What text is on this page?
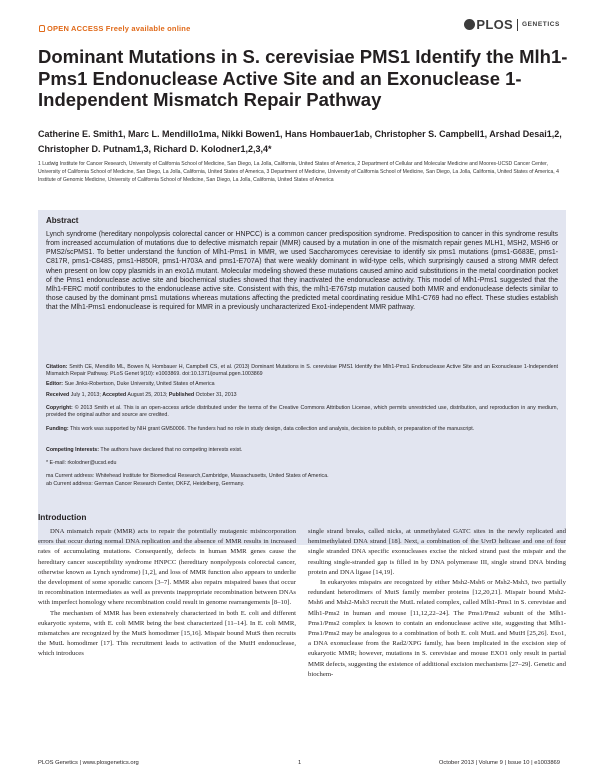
OPEN ACCESS Freely available online	PLOS GENETICS
Dominant Mutations in S. cerevisiae PMS1 Identify the Mlh1-Pms1 Endonuclease Active Site and an Exonuclease 1-Independent Mismatch Repair Pathway
Catherine E. Smith1, Marc L. Mendillo1ma, Nikki Bowen1, Hans Hombauer1ab, Christopher S. Campbell1, Arshad Desai1,2, Christopher D. Putnam1,3, Richard D. Kolodner1,2,3,4*
1 Ludwig Institute for Cancer Research, University of California School of Medicine, San Diego, La Jolla, California, United States of America, 2 Department of Cellular and Molecular Medicine and Moores-UCSD Cancer Center, University of California School of Medicine, San Diego, La Jolla, California, United States of America, 3 Department of Medicine, University of California School of Medicine, San Diego, La Jolla, California, United States of America, 4 Institute of Genomic Medicine, University of California School of Medicine, San Diego, La Jolla, California, United States of America
Abstract
Lynch syndrome (hereditary nonpolypsis colorectal cancer or HNPCC) is a common cancer predisposition syndrome. Predisposition to cancer in this syndrome results from increased accumulation of mutations due to defective mismatch repair (MMR) caused by a mutation in one of the mismatch repair genes MLH1, MSH2, MSH6 or PMS2/scPMS1. To better understand the function of Mlh1-Pms1 in MMR, we used Saccharomyces cerevisiae to identify six pms1 mutations (pms1-G683E, pms1-C817R, pms1-C848S, pms1-H850R, pms1-H703A and pms1-E707A) that were weakly dominant in wild-type cells, which surprisingly caused a strong MMR defect when present on low copy plasmids in an exo1Δ mutant. Molecular modeling showed these mutations caused amino acid substitutions in the metal coordination pocket of the Pms1 endonuclease active site and biochemical studies showed that they inactivated the endonuclease activity. This model of Mlh1-Pms1 suggested that the Mlh1-FERC motif contributes to the endonuclease active site. Consistent with this, the mlh1-E767stp mutation caused both MMR and endonuclease defects similar to those caused by the dominant pms1 mutations whereas mutations affecting the predicted metal coordinating residue Mlh1-C769 had no effect. These studies establish that the Mlh1-Pms1 endonuclease is required for MMR in a previously uncharacterized Exo1-independent MMR pathway.
Citation: Smith CE, Mendillo ML, Bowen N, Hombauer H, Campbell CS, et al. (2013) Dominant Mutations in S. cerevisiae PMS1 Identify the Mlh1-Pms1 Endonuclease Active Site and an Exonuclease 1-Independent Mismatch Repair Pathway. PLoS Genet 9(10): e1003869. doi:10.1371/journal.pgen.1003869
Editor: Sue Jinks-Robertson, Duke University, United States of America
Received July 1, 2013; Accepted August 25, 2013; Published October 31, 2013
Copyright: © 2013 Smith et al. This is an open-access article distributed under the terms of the Creative Commons Attribution License, which permits unrestricted use, distribution, and reproduction in any medium, provided the original author and source are credited.
Funding: This work was supported by NIH grant GM50006. The funders had no role in study design, data collection and analysis, decision to publish, or preparation of the manuscript.
Competing Interests: The authors have declared that no competing interests exist.
* E-mail: rkolodner@ucsd.edu
ma Current address: Whitehead Institute for Biomedical Research,Cambridge, Massachusetts, United States of America.
ab Current address: German Cancer Research Center, DKFZ, Heidelberg, Germany.
Introduction

DNA mismatch repair (MMR) acts to repair the potentially mutagenic misincorporation errors that occur during normal DNA replication and the absence of MMR results in increased rates of accumulating mutations. Consequently, defects in human MMR genes cause the hereditary cancer susceptibility syndrome HNPCC (hereditary nonpolyposis colorectal cancer, otherwise known as Lynch syndrome) [1,2], and loss of MMR function also appears to underlie the development of some sporadic cancers [3–7]. MMR also repairs mispaired bases that occur in recombination intermediates as well as prevents inappropriate recombination between DNAs with imperfect homology where recombination could result in genome rearrangements [8–10].

The mechanism of MMR has been extensively characterized in both E. coli and different eukaryotic systems, with E. coli MMR being the best characterized [11–14]. In E. coli MMR, mismatches are recognized by the MutS homodimer [15,16]. Mispair bound MutS then recruits the MutL homodimer [17]. This recruitment leads to activation of the MutH endonuclease, which introduces

single strand breaks, called nicks, at unmethylated GATC sites in the newly replicated and hemimethylated DNA strand [18]. Next, a combination of the UvrD helicase and one of four single stranded DNA specific exonucleases excise the nicked strand past the mispair and the resulting single-stranded gap is filled in by DNA polymerase III, single strand DNA binding protein and DNA ligase [14,19].

In eukaryotes mispairs are recognized by either Msh2-Msh6 or Msh2-Msh3, two partially redundant heterodimers of MutS family member proteins [12,20,21]. Mispair bound Msh2-Msh6 and Msh2-Msh3 recruit the MutL related complex, called Mlh1-Pms1 in S. cerevisiae and Mlh1-Pms2 in human and mouse [11,12,22–24]. The Pms1/Pms2 subunit of the Mlh1-Pms1/Pms2 complex is known to contain an endonuclease active site, suggesting that Mlh1-Pms1/Pms2 may be analogous to a combination of both E. coli MutL and MutH [25,26]. Exo1, a DNA exonuclease from the Rad2/XPG family, has been implicated in the excision step of eukaryotic MMR; however, mutations in S. cerevisiae and mouse EXO1 only result in partial MMR defects, suggesting the existence of additional excision mechanisms [27–29]. Genetic and biochem-

PLOS Genetics | www.plosgenetics.org	1	October 2013 | Volume 9 | Issue 10 | e1003869
